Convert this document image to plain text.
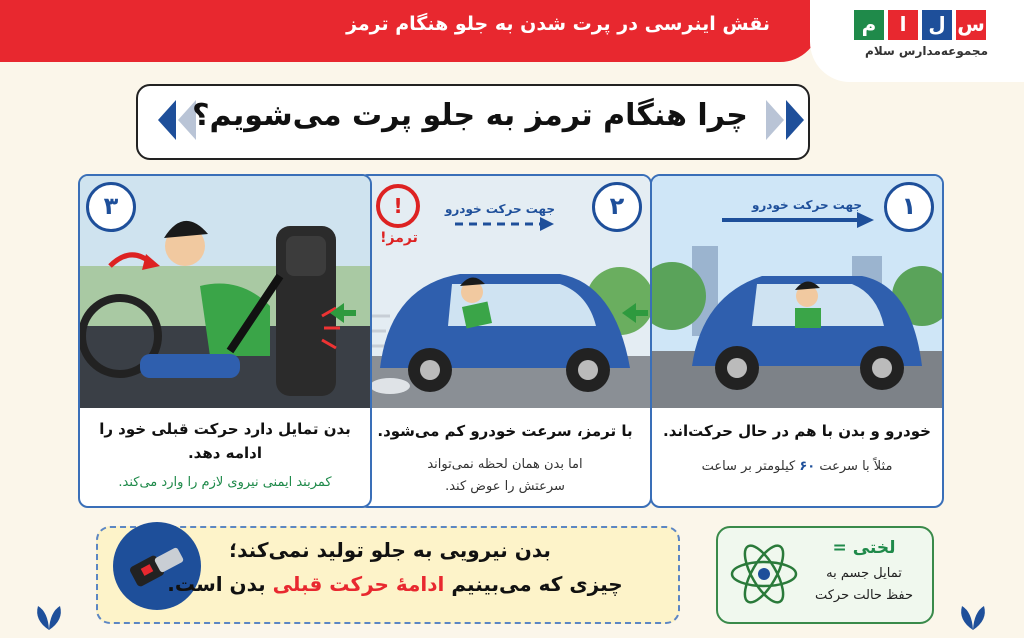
نقش اینرسی در پرت شدن به جلو هنگام ترمز	س
ل
ا
م
مجموعه‌مدارس سلام
چرا هنگام ترمز به جلو پرت می‌شویم؟
جهت حرکت خودرو	۱
خودرو و بدن با هم در حال حرکت‌اند.
مثلاً با سرعت ۶۰ کیلومتر بر ساعت
!	جهت حرکت خودرو
ترمز!
۲
با ترمز، سرعت خودرو کم می‌شود.
اما بدن همان لحظه نمی‌تواند
سرعتش را عوض کند.
۳
بدن تمایل دارد حرکت قبلی خود را
ادامه دهد.
کمربند ایمنی نیروی لازم را وارد می‌کند.
بدن نیرویی به جلو تولید نمی‌کند؛
چیزی که می‌بینیم ادامهٔ حرکت قبلی بدن است.
لختی =
تمایل جسم به
حفظ حالت حرکت
